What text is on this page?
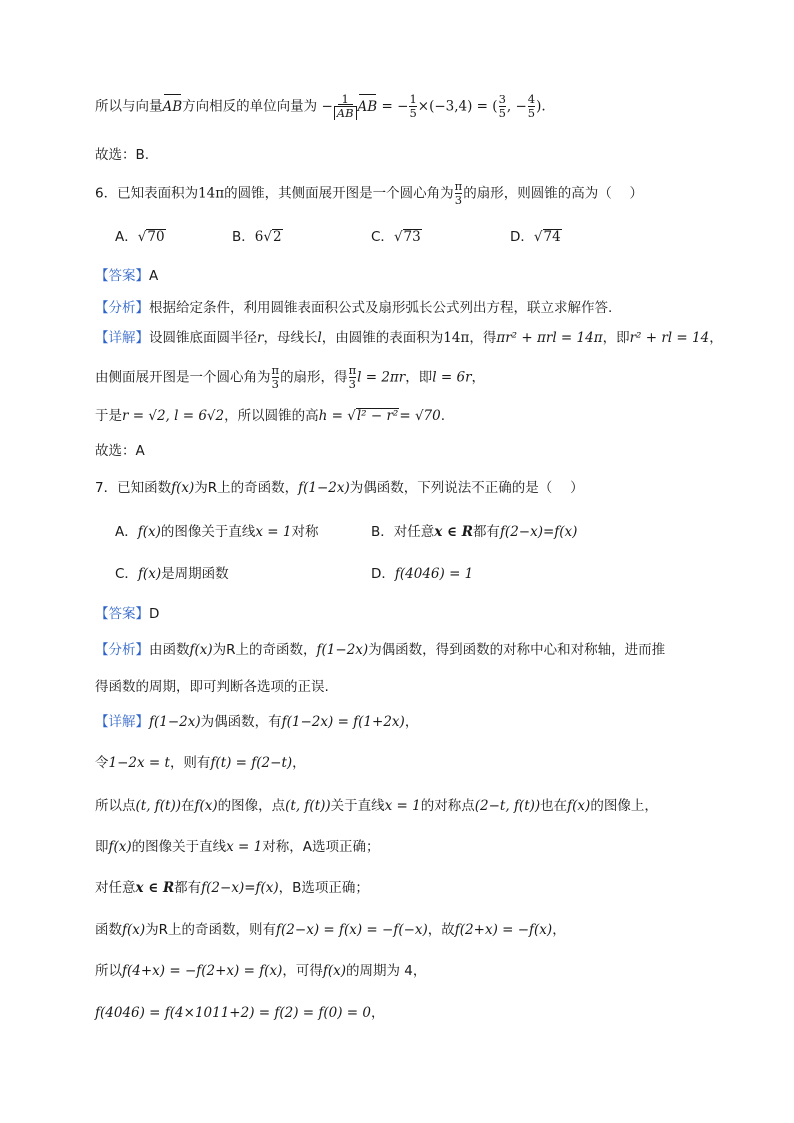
所以与向量AB方向相反的单位向量为 − $\frac{1}{AB}$ AB = − $\frac{1}{5} \times(-3,4)$ = ( $\frac{3}{5}$ , − $\frac{4}{5}$ ).
故选：B.
6．已知表面积为14π的圆锥，其侧面展开图是一个圆心角为 $\frac{\pi}{3}$ 的扇形，则圆锥的高为（　 ）
A．√70	B．6√2	C．√73	D．√74
【答案】A
【分析】根据给定条件，利用圆锥表面积公式及扇形弧长公式列出方程，联立求解作答.
【详解】设圆锥底面圆半径r，母线长l，由圆锥的表面积为14π，得πr² + πrl = 14π，即r² + rl = 14，
由侧面展开图是一个圆心角为 $\frac{\pi}{3}$ 的扇形，得 $\frac{\pi}{3}$ l = 2πr，即l = 6r，
于是r = √2, l = 6√2，所以圆锥的高h = √l² − r²= √70.
故选：A
7．已知函数f(x)为R上的奇函数，f(1−2x)为偶函数，下列说法不正确的是（　 ）
A．f(x)的图像关于直线x = 1对称	B．对任意x ∈ R都有f(2−x)=f(x)
C．f(x)是周期函数	D．f(4046) = 1
【答案】D
【分析】由函数f(x)为R上的奇函数，f(1−2x)为偶函数，得到函数的对称中心和对称轴，进而推
得函数的周期，即可判断各选项的正误.
【详解】f(1−2x)为偶函数，有f(1−2x) = f(1+2x)，
令1−2x = t，则有f(t) = f(2−t)，
所以点(t, f(t))在f(x)的图像，点(t, f(t))关于直线x = 1的对称点(2−t, f(t))也在f(x)的图像上，
即f(x)的图像关于直线x = 1对称，A选项正确；
对任意x ∈ R都有f(2−x)=f(x)，B选项正确；
函数f(x)为R上的奇函数，则有f(2−x) = f(x) = −f(−x)，故f(2+x) = −f(x)，
所以f(4+x) = −f(2+x) = f(x)，可得f(x)的周期为 4，
f(4046) = f(4×1011+2) = f(2) = f(0) = 0，
